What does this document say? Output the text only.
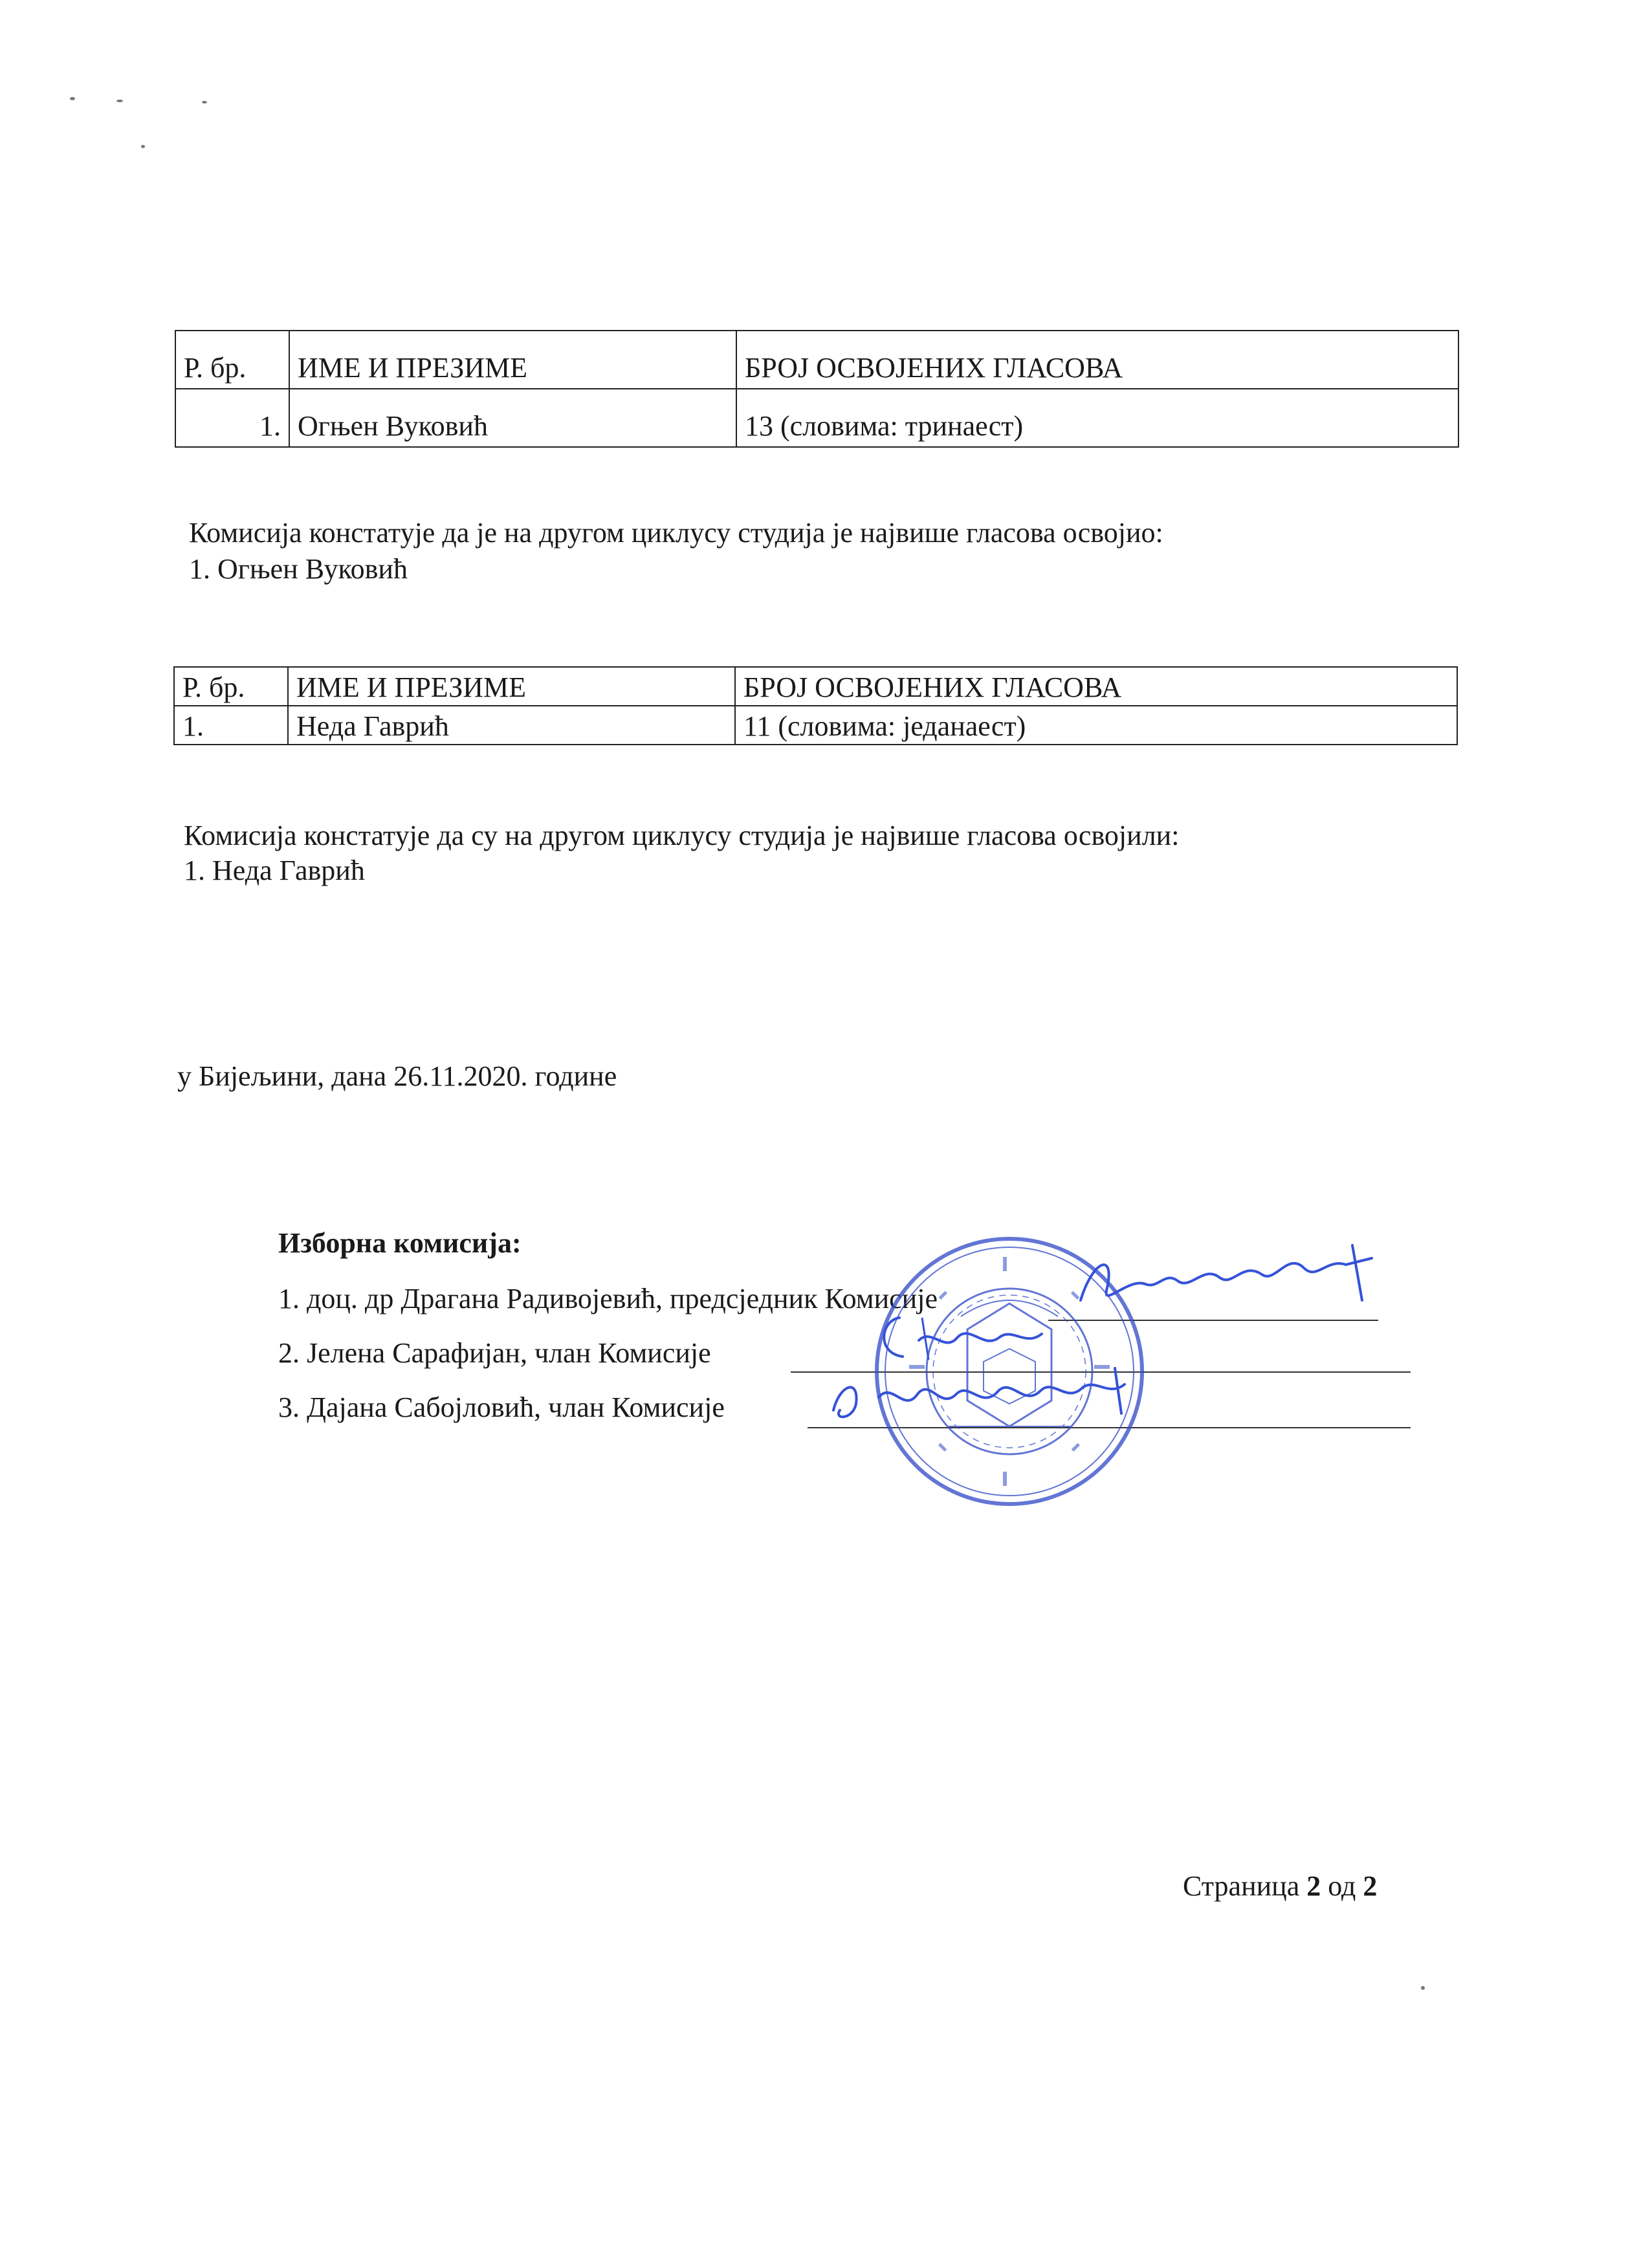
Р. бр.	ИМЕ И ПРЕЗИМЕ	БРОЈ ОСВОЈЕНИХ ГЛАСОВА
1.	Огњен Вуковић	13 (словима: тринаест)
Комисија констатује да је на другом циклусу студија је највише гласова освојио:
1. Огњен Вуковић
Р. бр.	ИМЕ И ПРЕЗИМЕ	БРОЈ ОСВОЈЕНИХ ГЛАСОВА
1.	Неда Гаврић	11 (словима: једанаест)
Комисија констатује да су на другом циклусу студија је највише гласова освојили:
1. Неда Гаврић
у Бијељини, дана 26.11.2020. године
Изборна комисија:
1. доц. др Драгана Радивојевић, предсједник Комисије
2. Јелена Сарафијан, члан Комисије
3. Дајана Сабојловић, члан Комисије
Страница 2 од 2
